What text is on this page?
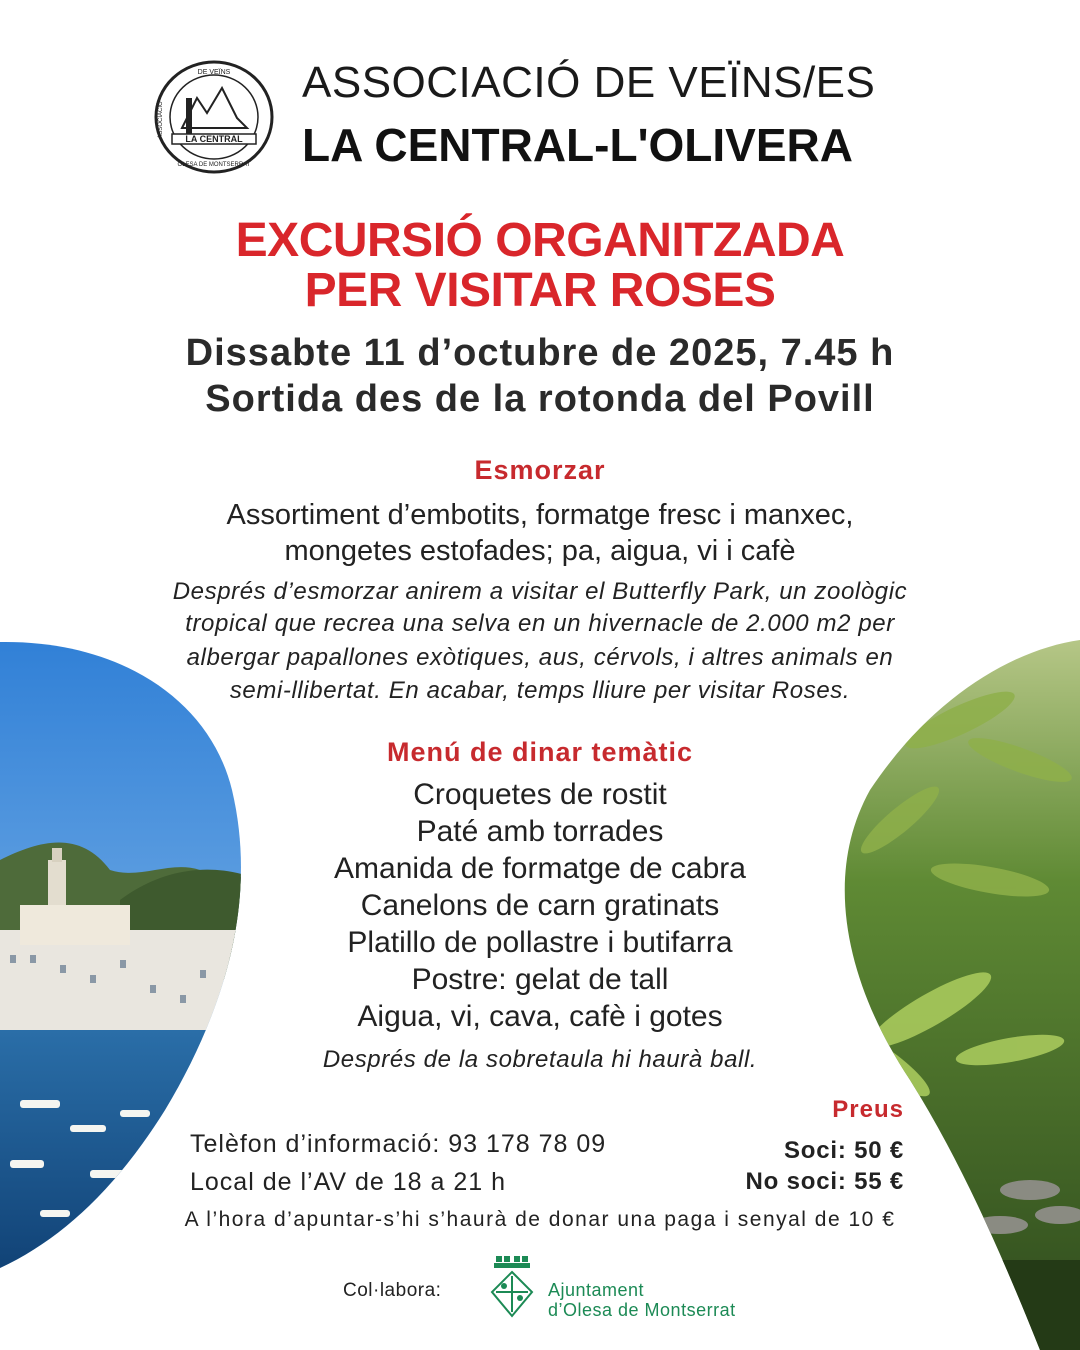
LA CENTRAL
DE VEÏNS
OLESA DE MONTSERRAT
ASSOCIACIÓ
ASSOCIACIÓ DE VEÏNS/ES
LA CENTRAL-L'OLIVERA
EXCURSIÓ ORGANITZADA
PER VISITAR ROSES
Dissabte 11 d’octubre de 2025, 7.45 h
Sortida des de la rotonda del Povill
Esmorzar
Assortiment d’embotits, formatge fresc i manxec,
mongetes estofades; pa, aigua, vi i cafè
Després d’esmorzar anirem a visitar el Butterfly Park, un zoològic
tropical que recrea una selva en un hivernacle de 2.000 m2 per
albergar papallones exòtiques, aus, cérvols, i altres animals en
semi-llibertat. En acabar, temps lliure per visitar Roses.
Menú de dinar temàtic
Croquetes de rostit
Paté amb torrades
Amanida de formatge de cabra
Canelons de carn gratinats
Platillo de pollastre i butifarra
Postre: gelat de tall
Aigua, vi, cava, cafè i gotes
Després de la sobretaula hi haurà ball.
Preus
Telèfon d’informació: 93 178 78 09	Soci: 50 €
Local de l’AV de 18 a 21 h	No soci: 55 €
A l’hora d’apuntar-s’hi s’haurà de donar una paga i senyal de 10 €
Col·labora:	Ajuntament
d’Olesa de Montserrat
